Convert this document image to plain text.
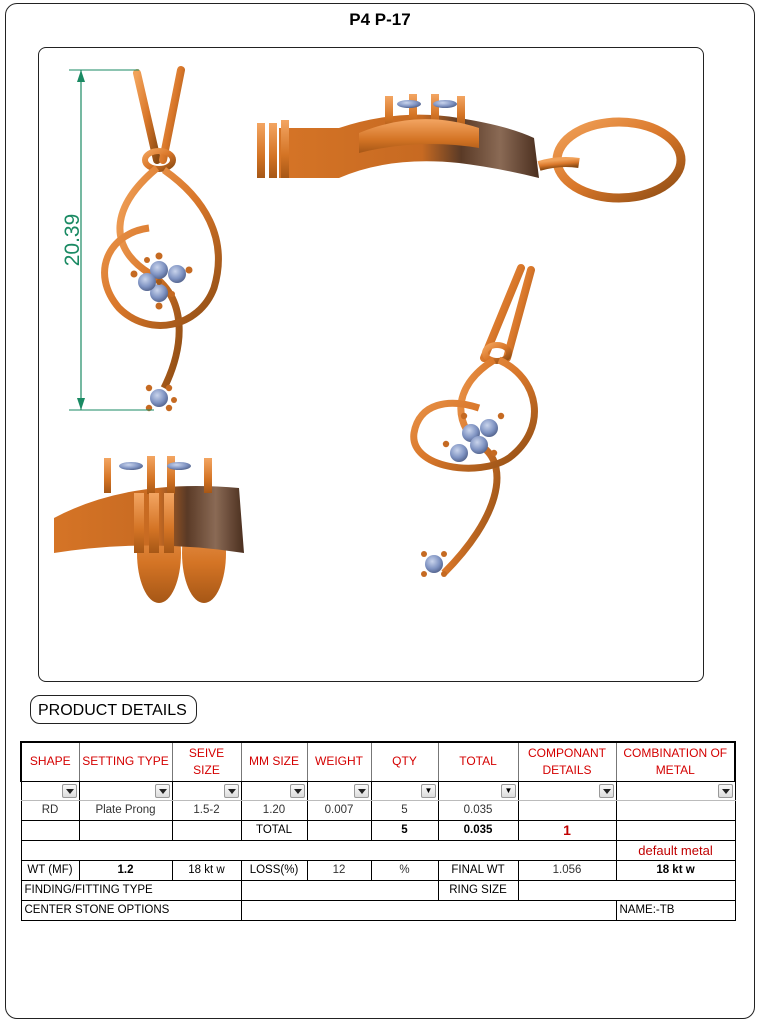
P4 P-17
20.39
PRODUCT DETAILS
SHAPE	SETTING TYPE	SEIVE SIZE	MM SIZE	WEIGHT	QTY	TOTAL	COMPONANT DETAILS	COMBINATION OF METAL

▼

▼

RD	Plate Prong	1.5-2	1.20	0.007	5	0.035		
			TOTAL		5	0.035	1	
								default metal
WT (MF)	1.2	18 kt w	LOSS(%)	12	%	FINAL WT	1.056	18 kt w
FINDING/FITTING TYPE						RING SIZE		
CENTER STONE OPTIONS								NAME:-TB
